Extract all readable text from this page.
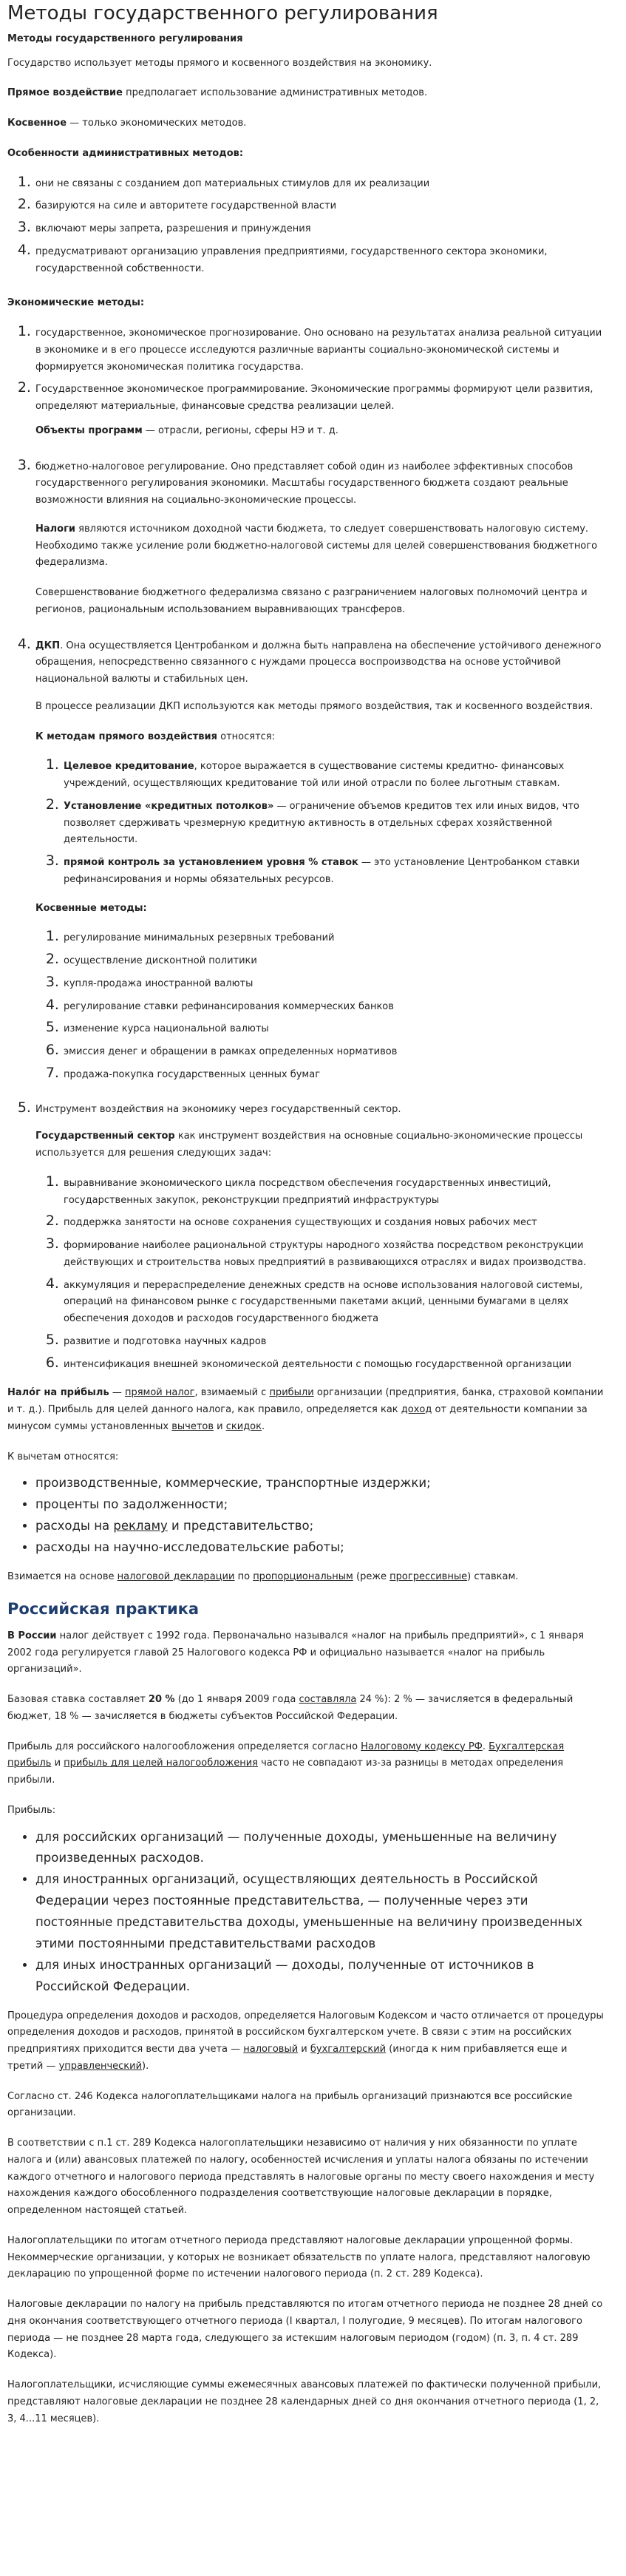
Методы государственного регулирования

Методы государственного регулирования

Государство использует методы прямого и косвенного воздействия на экономику.

Прямое воздействие предполагает использование административных методов.

Косвенное — только экономических методов.

Особенности административных методов:

1. они не связаны с созданием доп материальных стимулов для их реализации
2. базируются на силе и авторитете государственной власти
3. включают меры запрета, разрешения и принуждения
4. предусматривают организацию управления предприятиями, государственного сектора экономики, государственной собственности.

Экономические методы:

1. государственное, экономическое прогнозирование. Оно основано на результатах анализа реальной ситуации в экономике и в его процессе исследуются различные варианты социально-экономической системы и формируется экономическая политика государства.
2. Государственное экономическое программирование. Экономические программы формируют цели развития, определяют материальные, финансовые средства реализации целей.

Объекты программ — отрасли, регионы, сферы НЭ и т. д.

3. бюджетно-налоговое регулирование. Оно представляет собой один из наиболее эффективных способов государственного регулирования экономики. Масштабы государственного бюджета создают реальные возможности влияния на социально-экономические процессы.

Налоги являются источником доходной части бюджета, то следует совершенствовать налоговую систему. Необходимо также усиление роли бюджетно-налоговой системы для целей совершенствования бюджетного федерализма.

Совершенствование бюджетного федерализма связано с разграничением налоговых полномочий центра и регионов, рациональным использованием выравнивающих трансферов.

4. ДКП. Она осуществляется Центробанком и должна быть направлена на обеспечение устойчивого денежного обращения, непосредственно связанного с нуждами процесса воспроизводства на основе устойчивой национальной валюты и стабильных цен.

В процессе реализации ДКП используются как методы прямого воздействия, так и косвенного воздействия.

К методам прямого воздействия относятся:

1. Целевое кредитование, которое выражается в существование системы кредитно- финансовых учреждений, осуществляющих кредитование той или иной отрасли по более льготным ставкам.
2. Установление «кредитных потолков» — ограничение объемов кредитов тех или иных видов, что позволяет сдерживать чрезмерную кредитную активность в отдельных сферах хозяйственной деятельности.
3. прямой контроль за установлением уровня % ставок — это установление Центробанком ставки рефинансирования и нормы обязательных ресурсов.

Косвенные методы:

1. регулирование минимальных резервных требований
2. осуществление дисконтной политики
3. купля-продажа иностранной валюты
4. регулирование ставки рефинансирования коммерческих банков
5. изменение курса национальной валюты
6. эмиссия денег и обращении в рамках определенных нормативов
7. продажа-покупка государственных ценных бумаг
5. Инструмент воздействия на экономику через государственный сектор.

Государственный сектор как инструмент воздействия на основные социально-экономические процессы используется для решения следующих задач:

1. выравнивание экономического цикла посредством обеспечения государственных инвестиций, государственных закупок, реконструкции предприятий инфраструктуры
2. поддержка занятости на основе сохранения существующих и создания новых рабочих мест
3. формирование наиболее рациональной структуры народного хозяйства посредством реконструкции действующих и строительства новых предприятий в развивающихся отраслях и видах производства.
4. аккумуляция и перераспределение денежных средств на основе использования налоговой системы, операций на финансовом рынке с государственными пакетами акций, ценными бумагами в целях обеспечения доходов и расходов государственного бюджета
5. развитие и подготовка научных кадров
6. интенсификация внешней экономической деятельности с помощью государственной организации

Нало́г на при́быль — прямой налог, взимаемый с прибыли организации (предприятия, банка, страховой компании и т. д.). Прибыль для целей данного налога, как правило, определяется как доход от деятельности компании за минусом суммы установленных вычетов и скидок.

К вычетам относятся:

• производственные, коммерческие, транспортные издержки;
• проценты по задолженности;
• расходы на рекламу и представительство;
• расходы на научно-исследовательские работы;

Взимается на основе налоговой декларации по пропорциональным (реже прогрессивные) ставкам.

Российская практика

В России налог действует с 1992 года. Первоначально назывался «налог на прибыль предприятий», с 1 января 2002 года регулируется главой 25 Налогового кодекса РФ и официально называется «налог на прибыль организаций».

Базовая ставка составляет 20 % (до 1 января 2009 года составляла 24 %): 2 % — зачисляется в федеральный бюджет, 18 % — зачисляется в бюджеты субъектов Российской Федерации.

Прибыль для российского налогообложения определяется согласно Налоговому кодексу РФ. Бухгалтерская прибыль и прибыль для целей налогообложения часто не совпадают из-за разницы в методах определения прибыли.

Прибыль:

• для российских организаций — полученные доходы, уменьшенные на величину произведенных расходов.
• для иностранных организаций, осуществляющих деятельность в Российской Федерации через постоянные представительства, — полученные через эти постоянные представительства доходы, уменьшенные на величину произведенных этими постоянными представительствами расходов
• для иных иностранных организаций — доходы, полученные от источников в Российской Федерации.

Процедура определения доходов и расходов, определяется Налоговым Кодексом и часто отличается от процедуры определения доходов и расходов, принятой в российском бухгалтерском учете. В связи с этим на российских предприятиях приходится вести два учета — налоговый и бухгалтерский (иногда к ним прибавляется еще и третий — управленческий).

Согласно ст. 246 Кодекса налогоплательщиками налога на прибыль организаций признаются все российские организации.

В соответствии с п.1 ст. 289 Кодекса налогоплательщики независимо от наличия у них обязанности по уплате налога и (или) авансовых платежей по налогу, особенностей исчисления и уплаты налога обязаны по истечении каждого отчетного и налогового периода представлять в налоговые органы по месту своего нахождения и месту нахождения каждого обособленного подразделения соответствующие налоговые декларации в порядке, определенном настоящей статьей.

Налогоплательщики по итогам отчетного периода представляют налоговые декларации упрощенной формы. Некоммерческие организации, у которых не возникает обязательств по уплате налога, представляют налоговую декларацию по упрощенной форме по истечении налогового периода (п. 2 ст. 289 Кодекса).

Налоговые декларации по налогу на прибыль представляются по итогам отчетного периода не позднее 28 дней со дня окончания соответствующего отчетного периода (I квартал, I полугодие, 9 месяцев). По итогам налогового периода — не позднее 28 марта года, следующего за истекшим налоговым периодом (годом) (п. 3, п. 4 ст. 289 Кодекса).

Налогоплательщики, исчисляющие суммы ежемесячных авансовых платежей по фактически полученной прибыли, представляют налоговые декларации не позднее 28 календарных дней со дня окончания отчетного периода (1, 2, 3, 4...11 месяцев).
